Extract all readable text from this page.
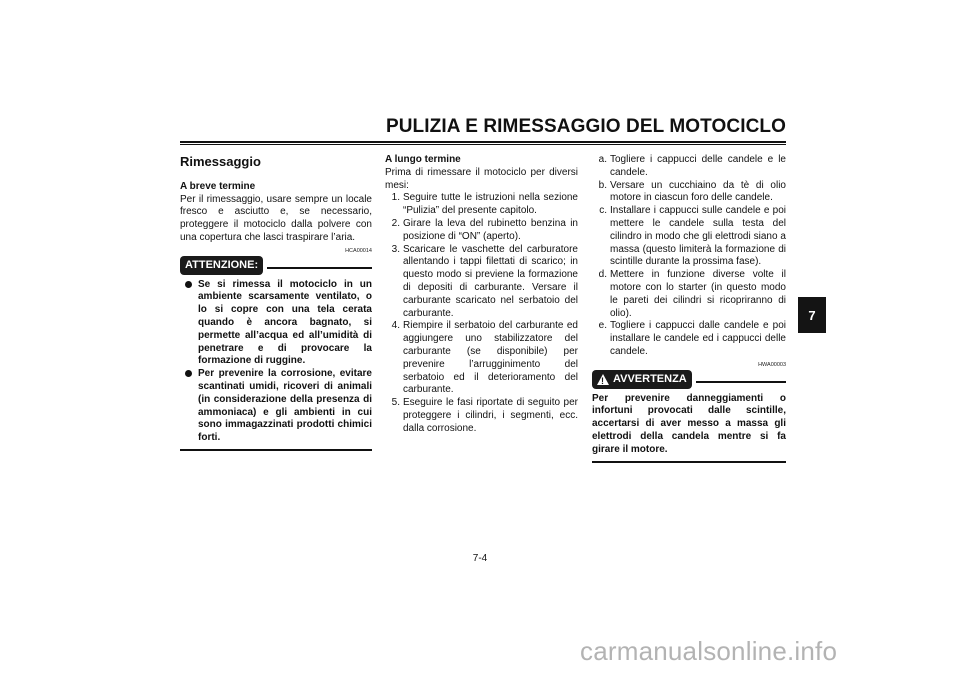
PULIZIA E RIMESSAGGIO DEL MOTOCICLO
7
Rimessaggio
A breve termine

Per il rimessaggio, usare sempre un locale fresco e asciutto e, se necessario, proteggere il motociclo dalla polvere con una copertura che lasci traspirare l’aria.

HCA00014
ATTENZIONE:
Se si rimessa il motociclo in un ambiente scarsamente ventilato, o lo si copre con una tela cerata quando è ancora bagnato, si permette all’acqua ed all’umidità di penetrare e di provocare la formazione di ruggine.
Per prevenire la corrosione, evitare scantinati umidi, ricoveri di animali (in considerazione della presenza di ammoniaca) e gli ambienti in cui sono immagazzinati prodotti chimici forti.
A lungo termine

Prima di rimessare il motociclo per diversi mesi:

1. Seguire tutte le istruzioni nella sezione “Pulizia” del presente capitolo.
2. Girare la leva del rubinetto benzina in posizione di “ON” (aperto).
3. Scaricare le vaschette del carburatore allentando i tappi filettati di scarico; in questo modo si previene la formazione di depositi di carburante. Versare il carburante scaricato nel serbatoio del carburante.
4. Riempire il serbatoio del carburante ed aggiungere uno stabilizzatore del carburante (se disponibile) per prevenire l’arrugginimento del serbatoio ed il deterioramento del carburante.
5. Eseguire le fasi riportate di seguito per proteggere i cilindri, i segmenti, ecc. dalla corrosione.
a. Togliere i cappucci delle candele e le candele.
b. Versare un cucchiaino da tè di olio motore in ciascun foro delle candele.
c. Installare i cappucci sulle candele e poi mettere le candele sulla testa del cilindro in modo che gli elettrodi siano a massa (questo limiterà la formazione di scintille durante la prossima fase).
d. Mettere in funzione diverse volte il motore con lo starter (in questo modo le pareti dei cilindri si ricopriranno di olio).
e. Togliere i cappucci dalle candele e poi installare le candele ed i cappucci delle candele.
HWA00003
! AVVERTENZA

Per prevenire danneggiamenti o infortuni provocati dalle scintille, accertarsi di aver messo a massa gli elettrodi della candela mentre si fa girare il motore.

7-4
carmanualsonline.info
